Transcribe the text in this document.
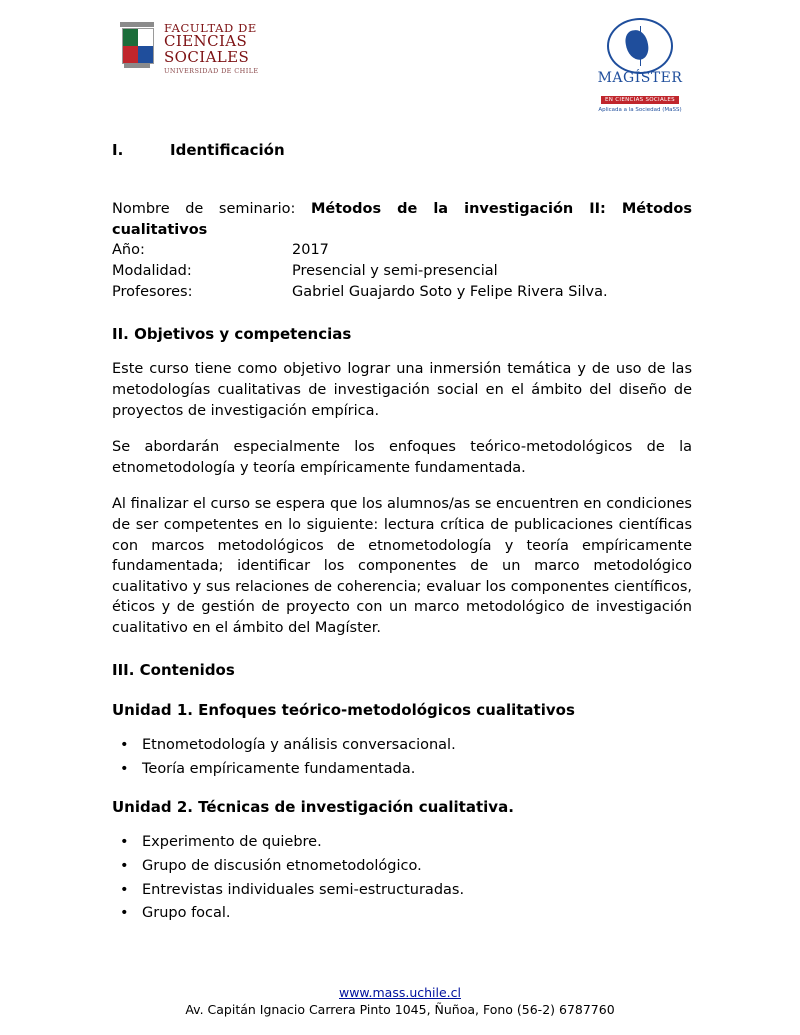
FACULTAD DE
CIENCIAS
SOCIALES
UNIVERSIDAD DE CHILE	MAGÍSTER
EN CIENCIAS SOCIALES
Aplicada a la Sociedad (MaSS)
I.	Identificación
Nombre de seminario: Métodos de la investigación II: Métodos cualitativos
Año:	2017
Modalidad:	Presencial y semi-presencial
Profesores:	Gabriel Guajardo Soto y Felipe Rivera Silva.
II. Objetivos y competencias

Este curso tiene como objetivo lograr una inmersión temática y de uso de las metodologías cualitativas de investigación social en el ámbito del diseño de proyectos de investigación empírica.

Se abordarán especialmente los enfoques teórico-metodológicos de la etnometodología y teoría empíricamente fundamentada.

Al finalizar el curso se espera que los alumnos/as se encuentren en condiciones de ser competentes en lo siguiente: lectura crítica de publicaciones científicas con marcos metodológicos de etnometodología y teoría empíricamente fundamentada; identificar los componentes de un marco metodológico cualitativo y sus relaciones de coherencia; evaluar los componentes científicos, éticos y de gestión de proyecto con un marco metodológico de investigación cualitativo en el ámbito del Magíster.

III. Contenidos
Unidad 1. Enfoques teórico-metodológicos cualitativos
• Etnometodología y análisis conversacional.
• Teoría empíricamente fundamentada.
Unidad 2. Técnicas de investigación cualitativa.
• Experimento de quiebre.
• Grupo de discusión etnometodológico.
• Entrevistas individuales semi-estructuradas.
• Grupo focal.
www.mass.uchile.cl
Av. Capitán Ignacio Carrera Pinto 1045, Ñuñoa, Fono (56-2) 6787760
